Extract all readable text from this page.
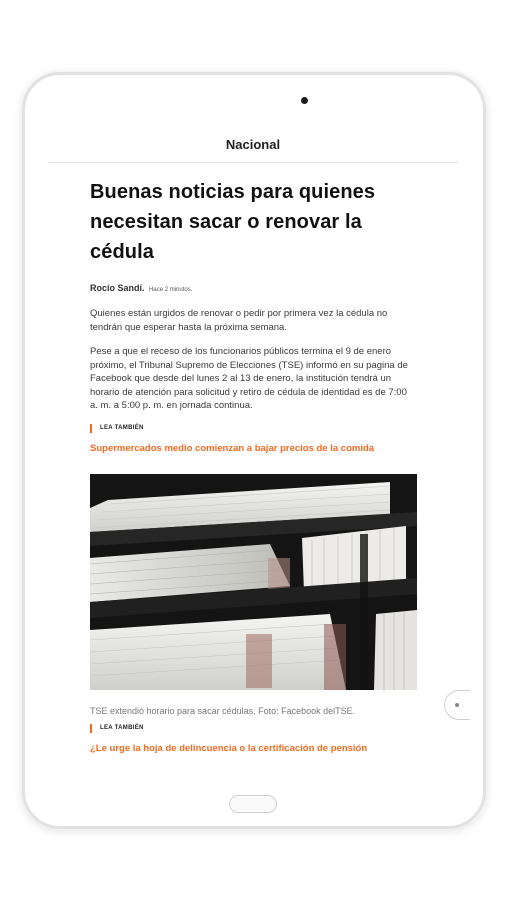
Nacional
Buenas noticias para quienes necesitan sacar o renovar la cédula
Rocío Sandí. Hace 2 minutos.

Quienes están urgidos de renovar o pedir por primera vez la cédula no tendrán que esperar hasta la próxima semana.

Pese a que el receso de los funcionarios públicos termina el 9 de enero próximo, el Tribunal Supremo de Elecciones (TSE) informó en su pagina de Facebook que desde del lunes 2 al 13 de enero, la institución tendrá un horario de atención para solicitud y retiro de cédula de identidad es de 7:00 a. m. a 5:00 p. m. en jornada continua.

LEA TAMBIÉN
Supermercados medio comienzan a bajar precios de la comida
TSE extendió horario para sacar cédulas. Foto: Facebook delTSE.
LEA TAMBIÉN
¿Le urge la hoja de delincuencia o la certificación de pensión
